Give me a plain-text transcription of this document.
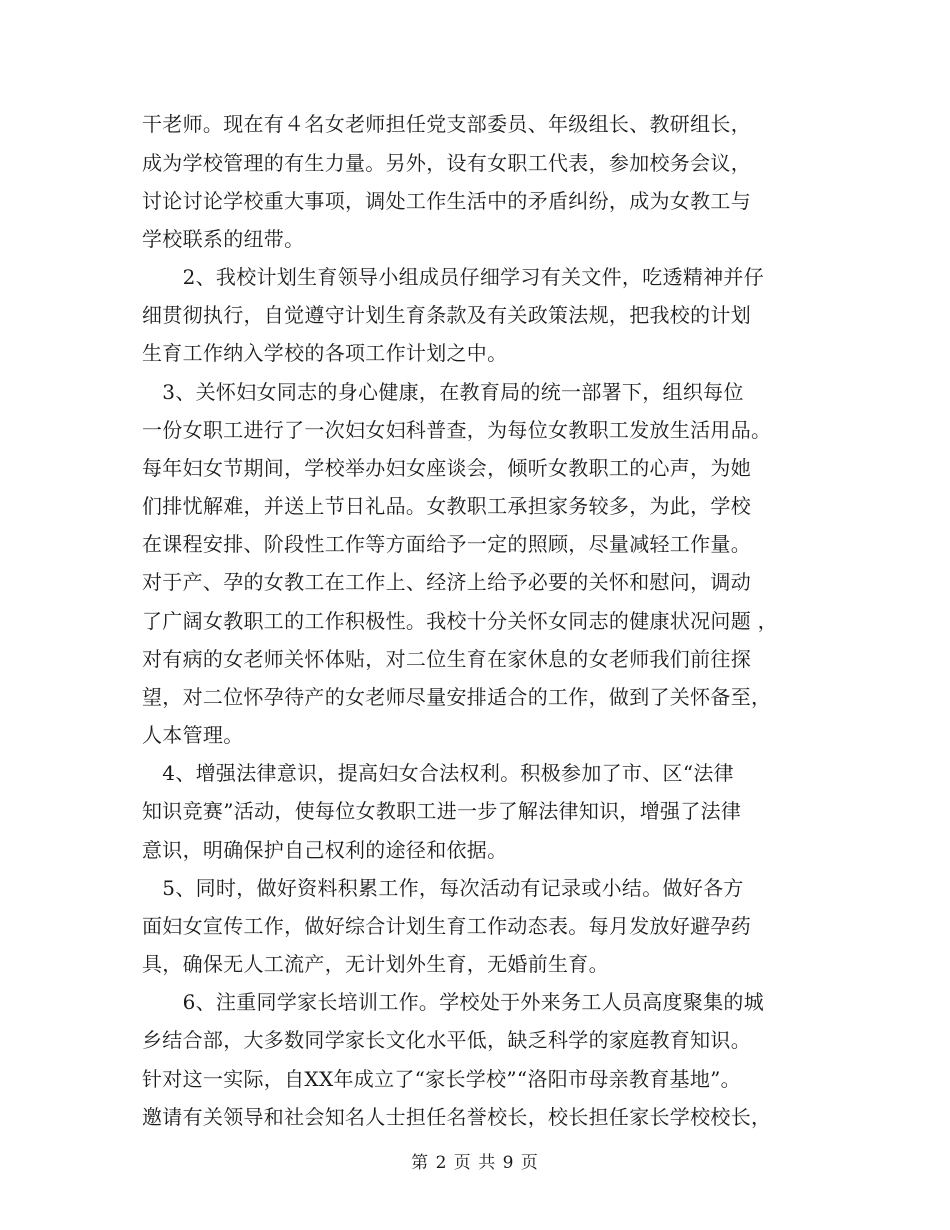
干老师。现在有４名女老师担任党支部委员、年级组长、教研组长，
成为学校管理的有生力量。另外，设有女职工代表，参加校务会议，
讨论讨论学校重大事项，调处工作生活中的矛盾纠纷，成为女教工与
学校联系的纽带。
　　2、我校计划生育领导小组成员仔细学习有关文件，吃透精神并仔
细贯彻执行，自觉遵守计划生育条款及有关政策法规，把我校的计划
生育工作纳入学校的各项工作计划之中。
　3、关怀妇女同志的身心健康，在教育局的统一部署下，组织每位
一份女职工进行了一次妇女妇科普查，为每位女教职工发放生活用品。
每年妇女节期间，学校举办妇女座谈会，倾听女教职工的心声，为她
们排忧解难，并送上节日礼品。女教职工承担家务较多，为此，学校
在课程安排、阶段性工作等方面给予一定的照顾，尽量减轻工作量。
对于产、孕的女教工在工作上、经济上给予必要的关怀和慰问，调动
了广阔女教职工的工作积极性。我校十分关怀女同志的健康状况问题 ，
对有病的女老师关怀体贴，对二位生育在家休息的女老师我们前往探
望，对二位怀孕待产的女老师尽量安排适合的工作，做到了关怀备至，
人本管理。
　4、增强法律意识，提高妇女合法权利。积极参加了市、区“法律
知识竞赛”活动，使每位女教职工进一步了解法律知识，增强了法律
意识，明确保护自己权利的途径和依据。
　5、同时，做好资料积累工作，每次活动有记录或小结。做好各方
面妇女宣传工作，做好综合计划生育工作动态表。每月发放好避孕药
具，确保无人工流产，无计划外生育，无婚前生育。
　　6、注重同学家长培训工作。学校处于外来务工人员高度聚集的城
乡结合部，大多数同学家长文化水平低，缺乏科学的家庭教育知识。
针对这一实际，自XX年成立了“家长学校”“洛阳市母亲教育基地”。
邀请有关领导和社会知名人士担任名誉校长，校长担任家长学校校长，
第 2 页 共 9 页
